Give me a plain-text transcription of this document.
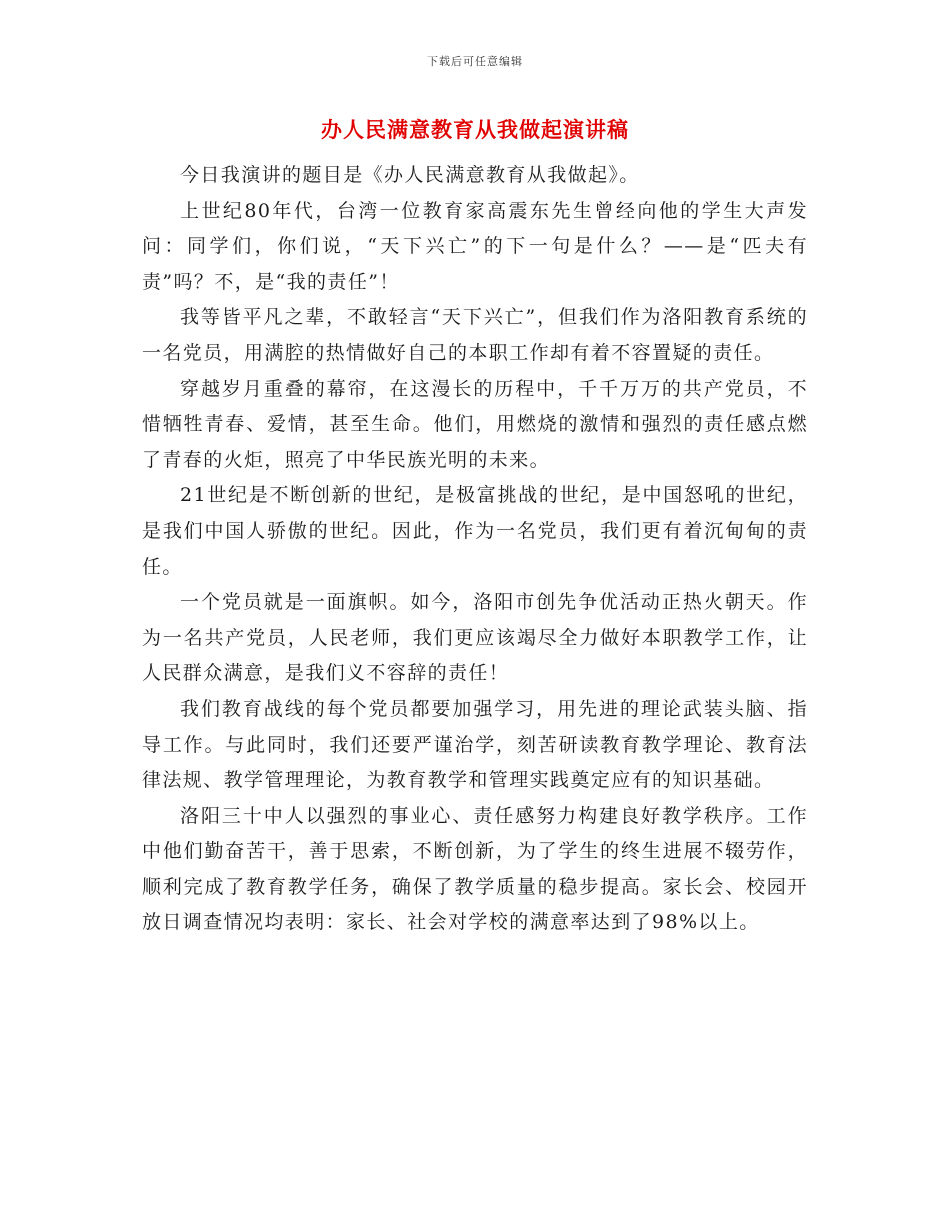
下载后可任意编辑
办人民满意教育从我做起演讲稿

今日我演讲的题目是《办人民满意教育从我做起》。

上世纪80年代，台湾一位教育家高震东先生曾经向他的学生大声发问：同学们，你们说，“天下兴亡”的下一句是什么？——是“匹夫有责”吗？不，是“我的责任”！

我等皆平凡之辈，不敢轻言“天下兴亡”，但我们作为洛阳教育系统的一名党员，用满腔的热情做好自己的本职工作却有着不容置疑的责任。

穿越岁月重叠的幕帘，在这漫长的历程中，千千万万的共产党员，不惜牺牲青春、爱情，甚至生命。他们，用燃烧的激情和强烈的责任感点燃了青春的火炬，照亮了中华民族光明的未来。

21世纪是不断创新的世纪，是极富挑战的世纪，是中国怒吼的世纪，是我们中国人骄傲的世纪。因此，作为一名党员，我们更有着沉甸甸的责任。

一个党员就是一面旗帜。如今，洛阳市创先争优活动正热火朝天。作为一名共产党员，人民老师，我们更应该竭尽全力做好本职教学工作，让人民群众满意，是我们义不容辞的责任！

我们教育战线的每个党员都要加强学习，用先进的理论武装头脑、指导工作。与此同时，我们还要严谨治学，刻苦研读教育教学理论、教育法律法规、教学管理理论，为教育教学和管理实践奠定应有的知识基础。

洛阳三十中人以强烈的事业心、责任感努力构建良好教学秩序。工作中他们勤奋苦干，善于思索，不断创新，为了学生的终生进展不辍劳作，顺利完成了教育教学任务，确保了教学质量的稳步提高。家长会、校园开放日调查情况均表明：家长、社会对学校的满意率达到了98%以上。
